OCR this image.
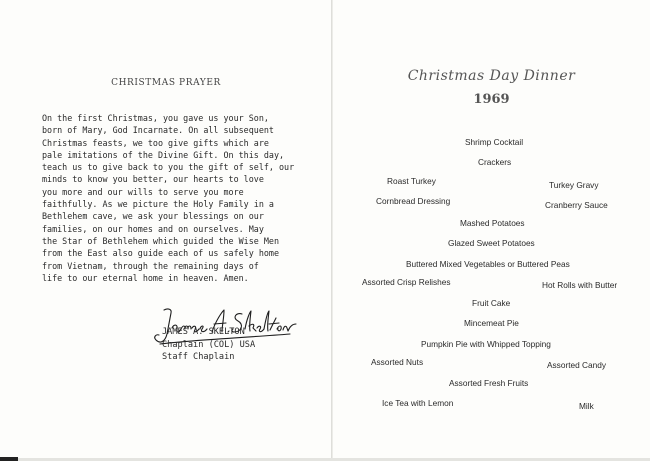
CHRISTMAS PRAYER
On the first Christmas, you gave us your Son,
born of Mary, God Incarnate. On all subsequent
Christmas feasts, we too give gifts which are
pale imitations of the Divine Gift. On this day,
teach us to give back to you the gift of self, our
minds to know you better, our hearts to love
you more and our wills to serve you more
faithfully. As we picture the Holy Family in a
Bethlehem cave, we ask your blessings on our
families, on our homes and on ourselves. May
the Star of Bethlehem which guided the Wise Men
from the East also guide each of us safely home
from Vietnam, through the remaining days of
life to our eternal home in heaven. Amen.
JAMES A. SKELTON
Chaplain (COL) USA
Staff Chaplain
Christmas Day Dinner
1969
Shrimp Cocktail
Crackers
Roast Turkey	Turkey Gravy
Cornbread Dressing	Cranberry Sauce
Mashed Potatoes
Glazed Sweet Potatoes
Buttered Mixed Vegetables or Buttered Peas
Assorted Crisp Relishes	Hot Rolls with Butter
Fruit Cake
Mincemeat Pie
Pumpkin Pie with Whipped Topping
Assorted Nuts	Assorted Candy
Assorted Fresh Fruits
Ice Tea with Lemon	Milk
